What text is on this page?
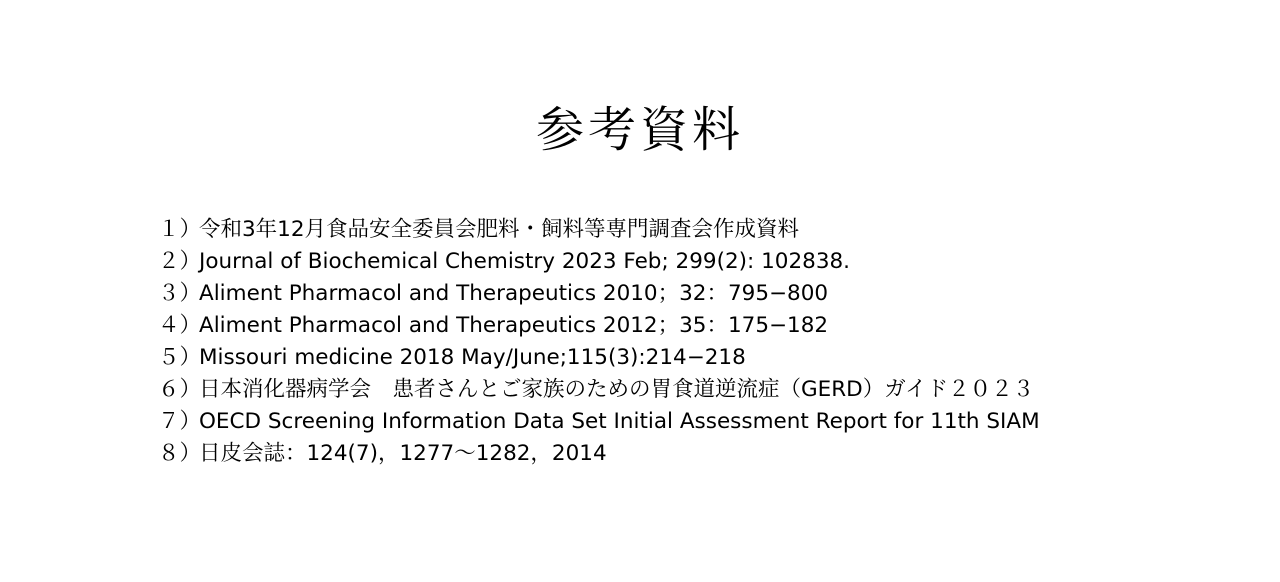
参考資料
１）
令和3年12月食品安全委員会肥料・飼料等専門調査会作成資料
２）
Journal of Biochemical Chemistry 2023 Feb; 299(2): 102838.
３）
Aliment Pharmacol and Therapeutics 2010；32：795−800
４）
Aliment Pharmacol and Therapeutics 2012；35：175−182
５）
Missouri medicine 2018 May/June;115(3):214−218
６）
日本消化器病学会　患者さんとご家族のための胃食道逆流症（GERD）ガイド２０２３
７）
OECD Screening Information Data Set Initial Assessment Report for 11th SIAM
８）
日皮会誌：124(7)，1277～1282，2014
